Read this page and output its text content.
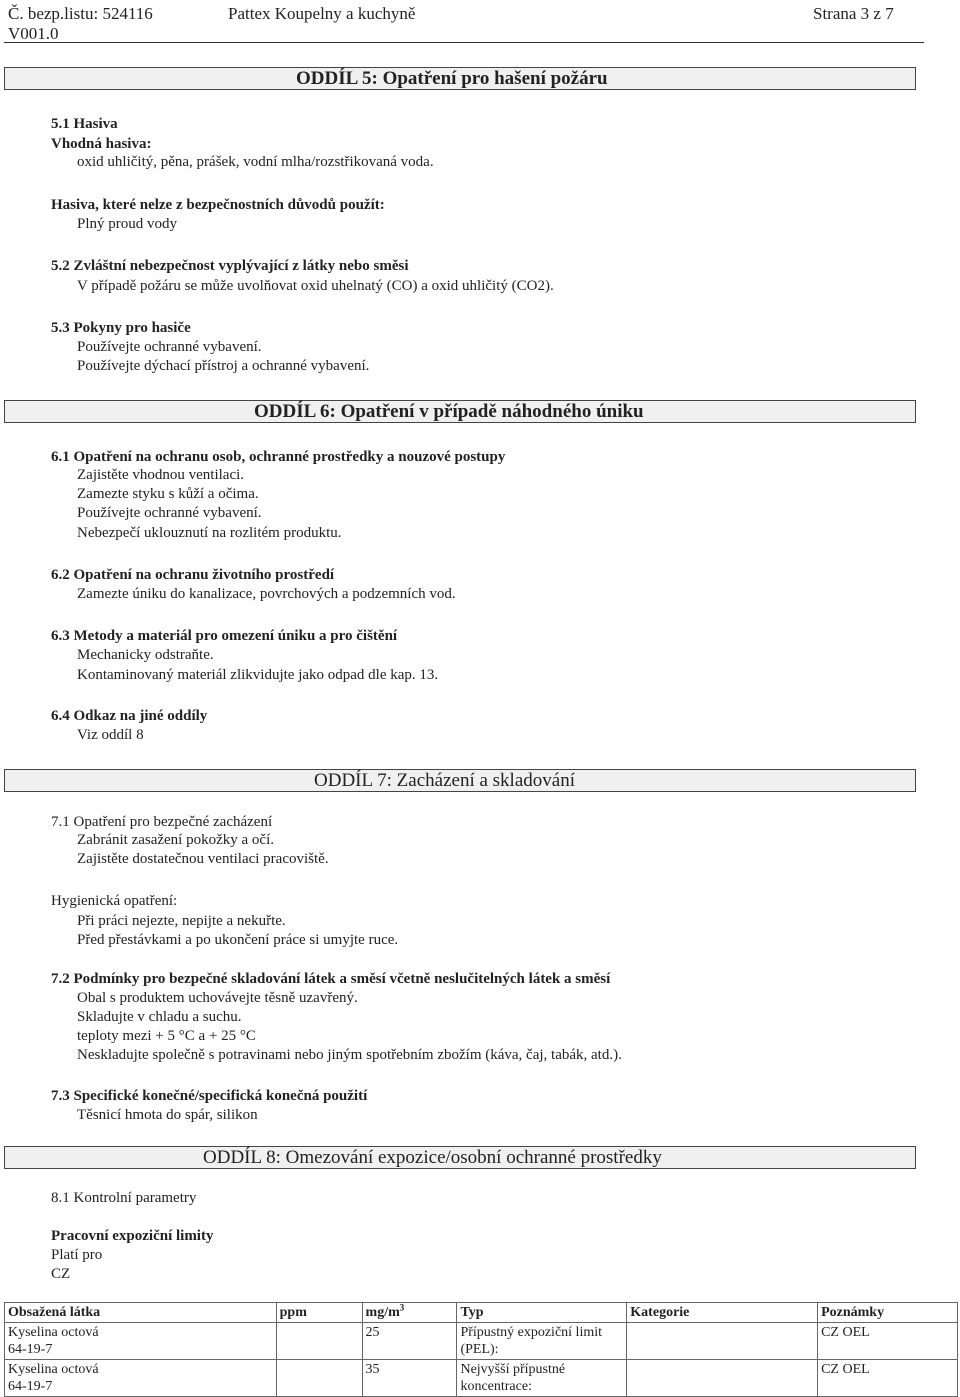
Č. bezp.listu: 524116
V001.0
Pattex Koupelny a kuchyně	Strana 3 z 7
ODDÍL 5: Opatření pro hašení požáru
5.1 Hasiva
Vhodná hasiva:
oxid uhličitý, pěna, prášek, vodní mlha/rozstřikovaná voda.
Hasiva, které nelze z bezpečnostních důvodů použít:
Plný proud vody
5.2 Zvláštní nebezpečnost vyplývající z látky nebo směsi
V případě požáru se může uvolňovat oxid uhelnatý (CO) a oxid uhličitý (CO2).
5.3 Pokyny pro hasiče
Používejte ochranné vybavení.
Používejte dýchací přístroj a ochranné vybavení.
ODDÍL 6: Opatření v případě náhodného úniku
6.1 Opatření na ochranu osob, ochranné prostředky a nouzové postupy
Zajistěte vhodnou ventilaci.
Zamezte styku s kůží a očima.
Používejte ochranné vybavení.
Nebezpečí uklouznutí na rozlitém produktu.
6.2 Opatření na ochranu životního prostředí
Zamezte úniku do kanalizace, povrchových a podzemních vod.
6.3 Metody a materiál pro omezení úniku a pro čištění
Mechanicky odstraňte.
Kontaminovaný materiál zlikvidujte jako odpad dle kap. 13.
6.4 Odkaz na jiné oddíly
Viz oddíl 8
ODDÍL 7: Zacházení a skladování
7.1 Opatření pro bezpečné zacházení
Zabránit zasažení pokožky a očí.
Zajistěte dostatečnou ventilaci pracoviště.
Hygienická opatření:
Při práci nejezte, nepijte a nekuřte.
Před přestávkami a po ukončení práce si umyjte ruce.
7.2 Podmínky pro bezpečné skladování látek a směsí včetně neslučitelných látek a směsí
Obal s produktem uchovávejte těsně uzavřený.
Skladujte v chladu a suchu.
teploty mezi + 5 °C a + 25 °C
Neskladujte společně s potravinami nebo jiným spotřebním zbožím (káva, čaj, tabák, atd.).
7.3 Specifické konečné/specifická konečná použití
Těsnicí hmota do spár, silikon
ODDÍL 8: Omezování expozice/osobní ochranné prostředky
8.1 Kontrolní parametry
Pracovní expoziční limity
Platí pro
CZ
Obsažená látka	ppm	$mg/m^3$	Typ	Kategorie	Poznámky

Kyselina octová
64-19-7		25	Přípustný expoziční limit (PEL):		CZ OEL

Kyselina octová
64-19-7		35	Nejvyšší přípustné koncentrace:		CZ OEL
